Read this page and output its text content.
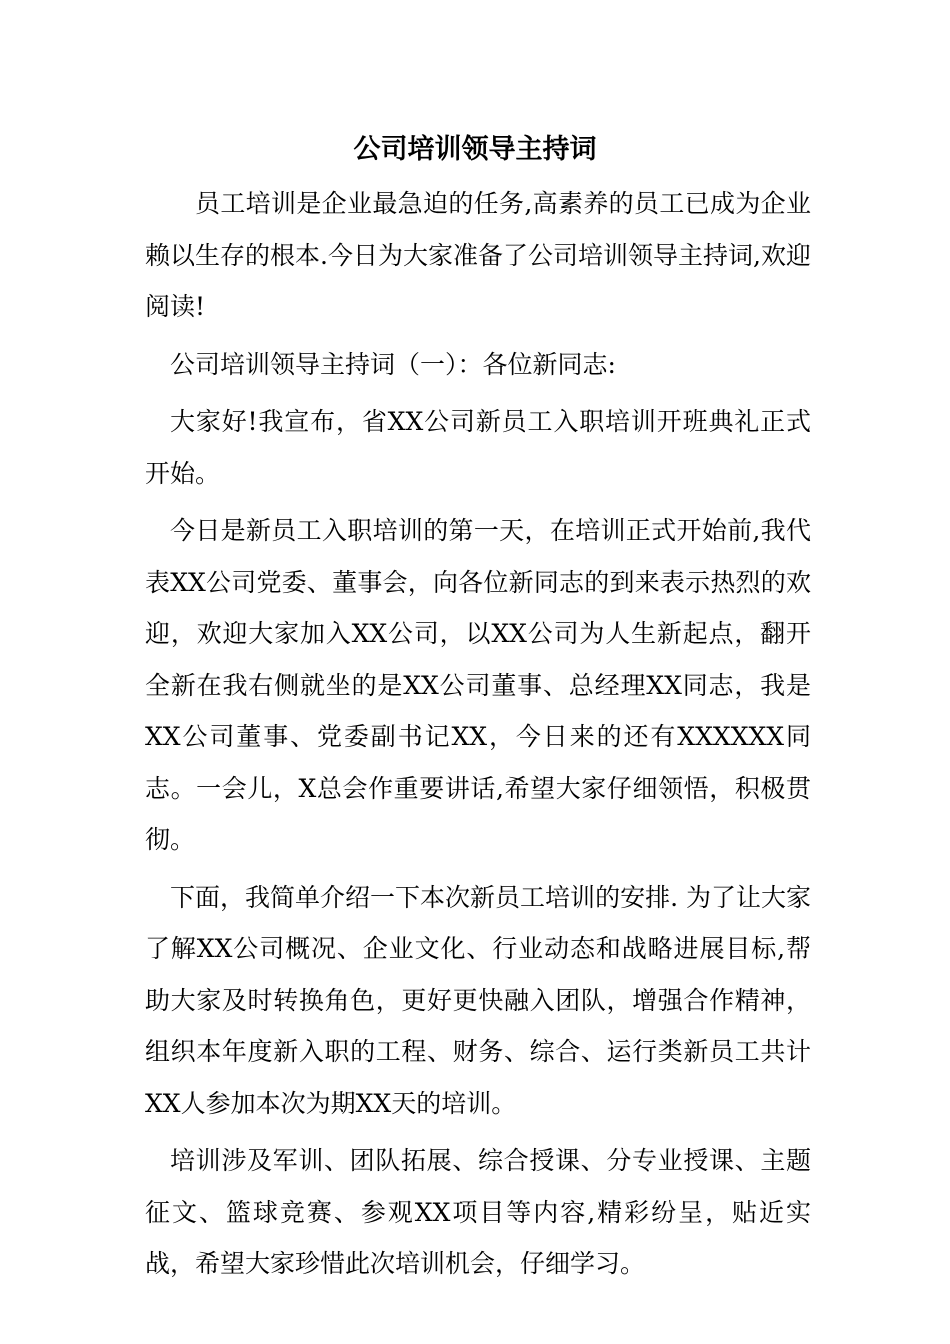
公司培训领导主持词

员工培训是企业最急迫的任务,高素养的员工已成为企业赖以生存的根本.今日为大家准备了公司培训领导主持词,欢迎阅读!

公司培训领导主持词（一）：各位新同志:

大家好!我宣布，省XX公司新员工入职培训开班典礼正式开始。

今日是新员工入职培训的第一天，在培训正式开始前,我代表XX公司党委、董事会，向各位新同志的到来表示热烈的欢迎，欢迎大家加入XX公司，以XX公司为人生新起点，翻开全新在我右侧就坐的是XX公司董事、总经理XX同志，我是XX公司董事、党委副书记XX，今日来的还有XXXXXX同志。一会儿，X总会作重要讲话,希望大家仔细领悟，积极贯彻。

下面，我简单介绍一下本次新员工培训的安排. 为了让大家了解XX公司概况、企业文化、行业动态和战略进展目标,帮助大家及时转换角色，更好更快融入团队，增强合作精神，组织本年度新入职的工程、财务、综合、运行类新员工共计XX人参加本次为期XX天的培训。

培训涉及军训、团队拓展、综合授课、分专业授课、主题征文、篮球竞赛、参观XX项目等内容,精彩纷呈，贴近实战，希望大家珍惜此次培训机会，仔细学习。
